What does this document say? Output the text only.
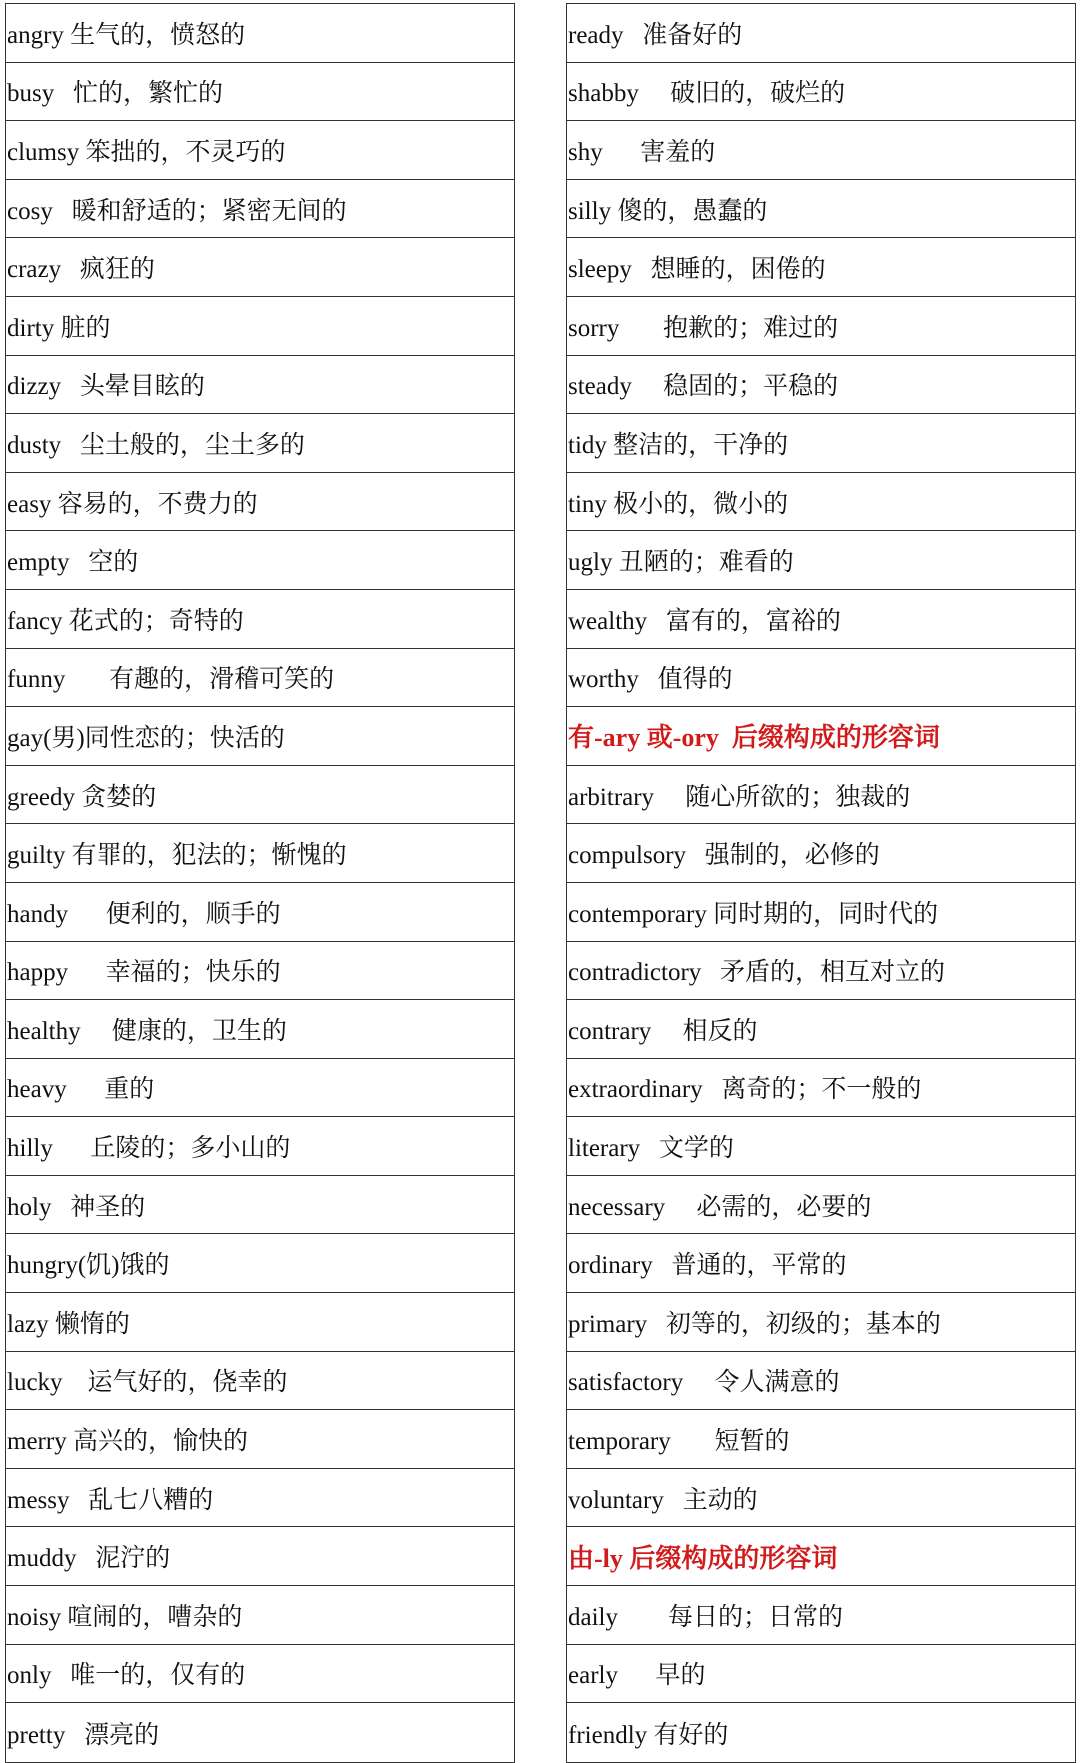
angry 生气的，愤怒的
busy   忙的，繁忙的
clumsy 笨拙的，不灵巧的
cosy   暖和舒适的；紧密无间的
crazy   疯狂的
dirty 脏的
dizzy   头晕目眩的
dusty   尘土般的，尘土多的
easy 容易的，不费力的
empty   空的
fancy 花式的；奇特的
funny       有趣的，滑稽可笑的
gay(男)同性恋的；快活的
greedy 贪婪的
guilty 有罪的，犯法的；惭愧的
handy      便利的，顺手的
happy      幸福的；快乐的
healthy     健康的，卫生的
heavy      重的
hilly      丘陵的；多小山的
holy   神圣的
hungry(饥)饿的
lazy 懒惰的
lucky    运气好的，侥幸的
merry 高兴的，愉快的
messy   乱七八糟的
muddy   泥泞的
noisy 喧闹的，嘈杂的
only   唯一的，仅有的
pretty   漂亮的
ready   准备好的
shabby     破旧的，破烂的
shy      害羞的
silly 傻的，愚蠢的
sleepy   想睡的，困倦的
sorry       抱歉的；难过的
steady     稳固的；平稳的
tidy 整洁的，干净的
tiny 极小的，微小的
ugly 丑陋的；难看的
wealthy   富有的，富裕的
worthy   值得的
有-ary 或-ory  后缀构成的形容词
arbitrary     随心所欲的；独裁的
compulsory   强制的，必修的
contemporary 同时期的，同时代的
contradictory   矛盾的，相互对立的
contrary     相反的
extraordinary   离奇的；不一般的
literary   文学的
necessary     必需的，必要的
ordinary   普通的，平常的
primary   初等的，初级的；基本的
satisfactory     令人满意的
temporary       短暂的
voluntary   主动的
由-ly 后缀构成的形容词
daily        每日的；日常的
early      早的
friendly 有好的
